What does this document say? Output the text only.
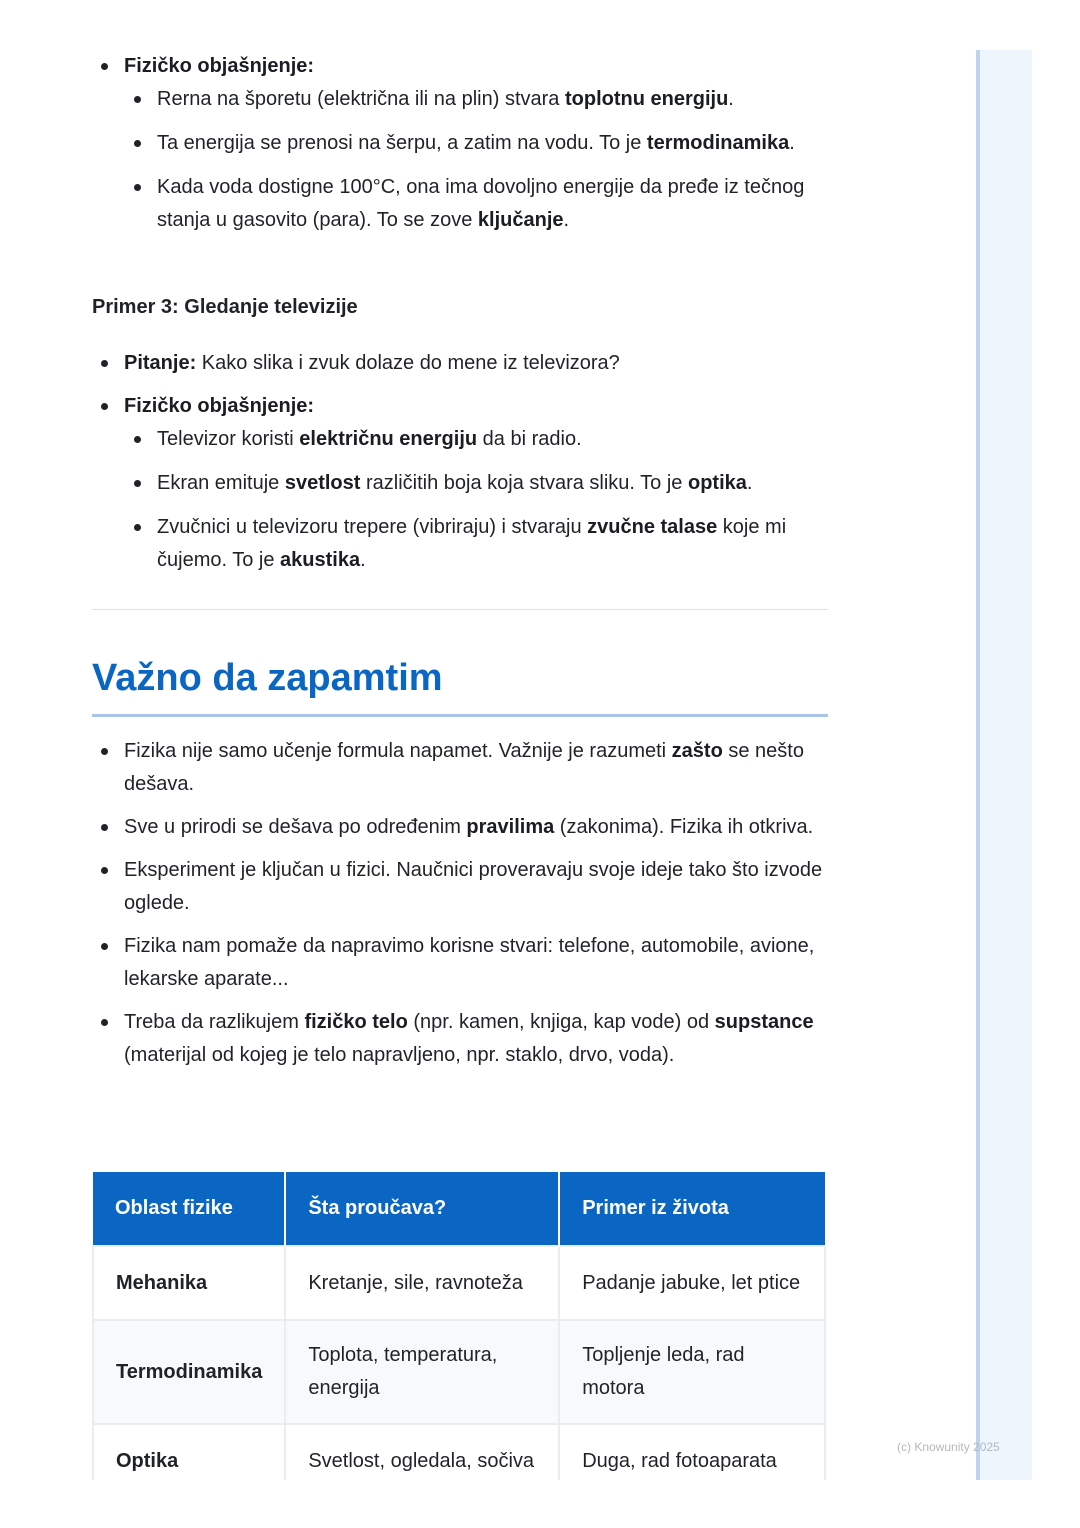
(c) Knowunity 2025
Fizičko objašnjenje:
Rerna na šporetu (električna ili na plin) stvara toplotnu energiju.
Ta energija se prenosi na šerpu, a zatim na vodu. To je termodinamika.
Kada voda dostigne 100°C, ona ima dovoljno energije da pređe iz tečnog stanja u gasovito (para). To se zove ključanje.
Primer 3: Gledanje televizije
Pitanje: Kako slika i zvuk dolaze do mene iz televizora?
Fizičko objašnjenje:
Televizor koristi električnu energiju da bi radio.
Ekran emituje svetlost različitih boja koja stvara sliku. To je optika.
Zvučnici u televizoru trepere (vibriraju) i stvaraju zvučne talase koje mi čujemo. To je akustika.
Važno da zapamtim
Fizika nije samo učenje formula napamet. Važnije je razumeti zašto se nešto dešava.
Sve u prirodi se dešava po određenim pravilima (zakonima). Fizika ih otkriva.
Eksperiment je ključan u fizici. Naučnici proveravaju svoje ideje tako što izvode oglede.
Fizika nam pomaže da napravimo korisne stvari: telefone, automobile, avione, lekarske aparate...
Treba da razlikujem fizičko telo (npr. kamen, knjiga, kap vode) od supstance (materijal od kojeg je telo napravljeno, npr. staklo, drvo, voda).
Oblast fizike	Šta proučava?	Primer iz života
Mehanika	Kretanje, sile, ravnoteža	Padanje jabuke, let ptice
Termodinamika	Toplota, temperatura, energija	Topljenje leda, rad motora
Optika	Svetlost, ogledala, sočiva	Duga, rad fotoaparata
